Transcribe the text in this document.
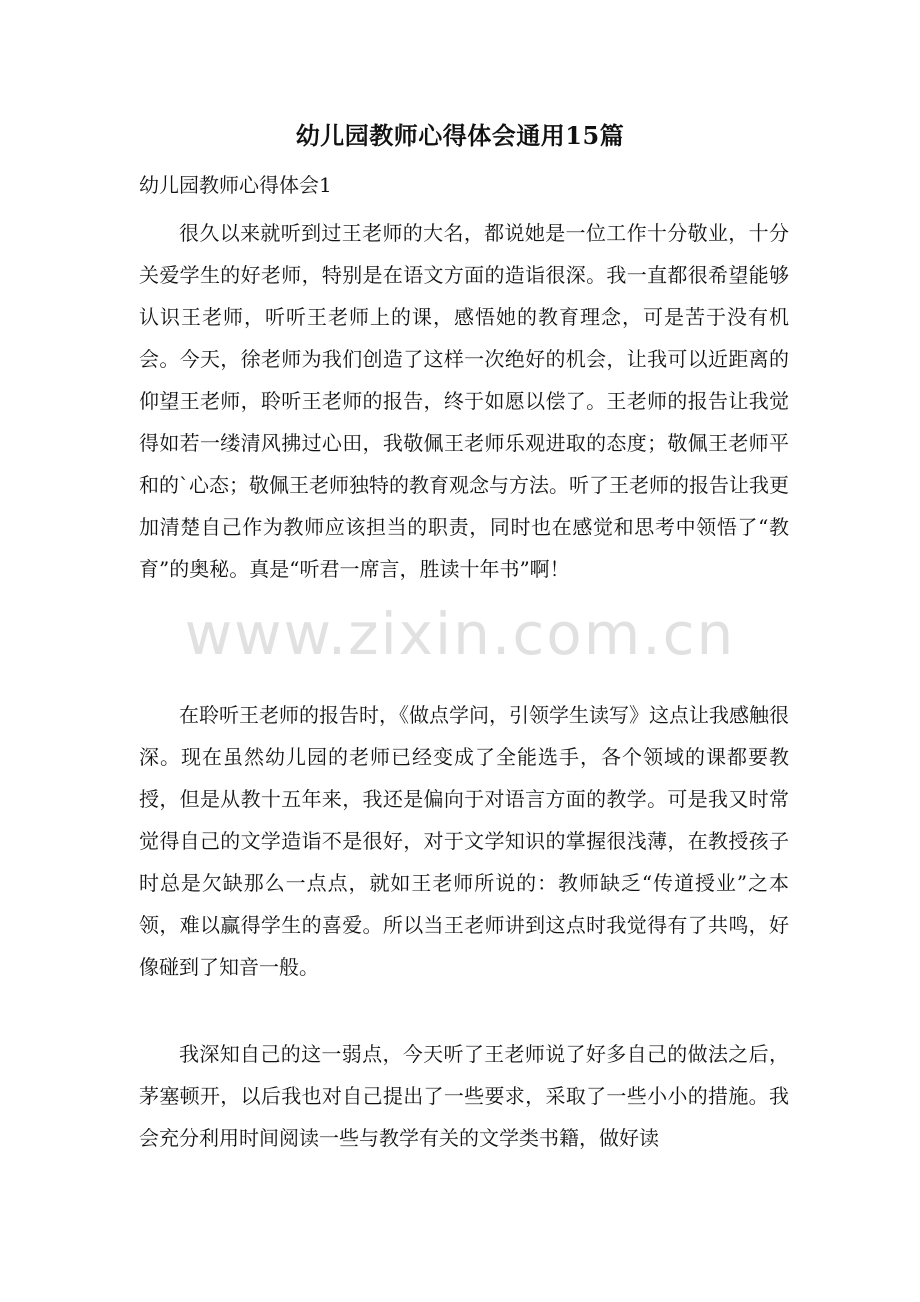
幼儿园教师心得体会通用15篇
幼儿园教师心得体会1

很久以来就听到过王老师的大名，都说她是一位工作十分敬业，十分关爱学生的好老师，特别是在语文方面的造诣很深。我一直都很希望能够认识王老师，听听王老师上的课，感悟她的教育理念，可是苦于没有机会。今天，徐老师为我们创造了这样一次绝好的机会，让我可以近距离的仰望王老师，聆听王老师的报告，终于如愿以偿了。王老师的报告让我觉得如若一缕清风拂过心田，我敬佩王老师乐观进取的态度；敬佩王老师平和的`心态；敬佩王老师独特的教育观念与方法。听了王老师的报告让我更加清楚自己作为教师应该担当的职责，同时也在感觉和思考中领悟了“教育”的奥秘。真是“听君一席言，胜读十年书”啊！

在聆听王老师的报告时，《做点学问，引领学生读写》这点让我感触很深。现在虽然幼儿园的老师已经变成了全能选手，各个领域的课都要教授，但是从教十五年来，我还是偏向于对语言方面的教学。可是我又时常觉得自己的文学造诣不是很好，对于文学知识的掌握很浅薄，在教授孩子时总是欠缺那么一点点，就如王老师所说的：教师缺乏“传道授业”之本领，难以赢得学生的喜爱。所以当王老师讲到这点时我觉得有了共鸣，好像碰到了知音一般。

我深知自己的这一弱点，今天听了王老师说了好多自己的做法之后，茅塞顿开，以后我也对自己提出了一些要求，采取了一些小小的措施。我会充分利用时间阅读一些与教学有关的文学类书籍，做好读

www.zixin.com.cn
